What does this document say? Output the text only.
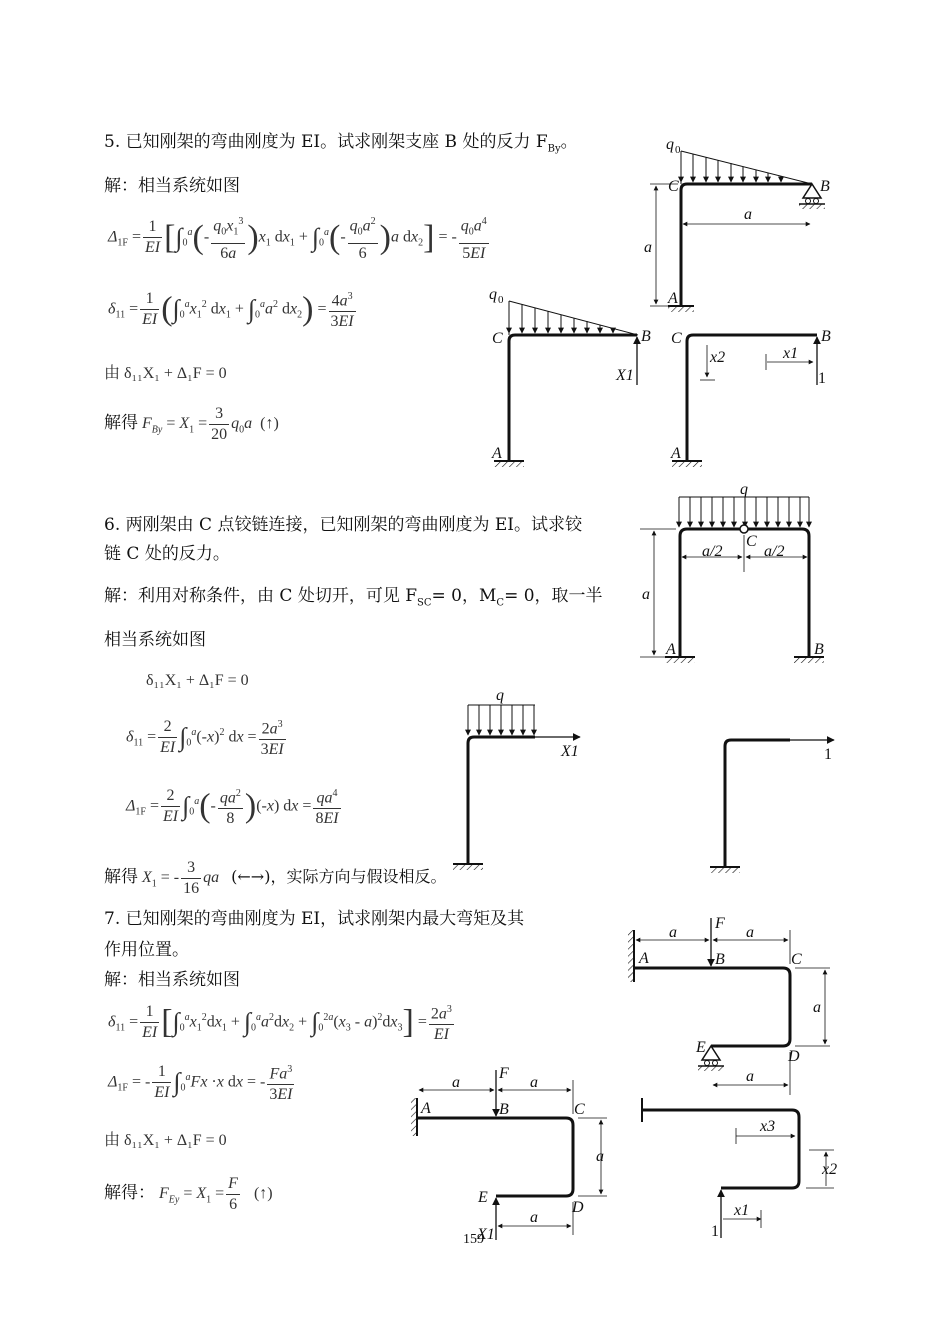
5. 已知刚架的弯曲刚度为 EI。试求刚架支座 B 处的反力 $F_{By}$。
解：相当系统如图
$\Delta_{1F} = \frac{1}{EI} [\int_0^a(- \frac{q_0x_1^3}{6a} )x_1$ $dx_1 + \int_0^a(- \frac{q_0a^2}{6} )a$ $dx_2$] = - $\frac{q_0a^4}{5EI}$
$\delta_{11} = \frac{1}{EI} (\int_0^ax_1^2$ $dx_1 + \int_0^aa^2$ $dx_2) = \frac{4a^3}{3EI}$
由 δ₁₁X₁ + Δ₁F = 0
解得 $F_{By} = X_1 = \frac{3}{20} q_0a$ (↑)
6. 两刚架由 C 点铰链连接，已知刚架的弯曲刚度为 EI。试求铰
链 C 处的反力。
解：利用对称条件，由 C 处切开，可见 $F_{SC}= 0$，$M_C= 0$，取一半
相当系统如图
δ₁₁X₁ + Δ₁F = 0
$\delta_{11} = \frac{2}{EI} \int_0^a(-x)^2$ dx = $\frac{2a^3}{3EI}$
$\Delta_{1F} = \frac{2}{EI} \int_0^a(- \frac{qa^2}{8} )(-x)$ dx = $\frac{qa^4}{8EI}$
解得 $X_1$ = - $\frac{3}{16}$ qa (←→)，实际方向与假设相反。
7. 已知刚架的弯曲刚度为 EI，试求刚架内最大弯矩及其
作用位置。
解：相当系统如图
$\delta_{11} = \frac{1}{EI} [\int_0^ax_1^2dx_1 + \int_0^aa^2dx_2 + \int_0^{2a}(x_3 - a)^2dx_3] = \frac{2a^3}{EI}$
$\Delta_{1F}$ = - $\frac{1}{EI} \int_0^aFx \cdot x$ dx = - $\frac{Fa^3}{3EI}$
由 δ₁₁X₁ + Δ₁F = 0
解得： $F_{Ey} = X_1 = \frac{F}{6}$ (↑)
159
q 0
C	B
A
a
a
q 0
C	B
A
X1
C	B
A
x2	x1
1
q
C
a/2	a/2
a
A	B
q
X1	1
a	a
F
A	B	C
a
E
D
a
a	a
F
A	B	C
a
E
D
a
X1
x3
x2
x1
1
